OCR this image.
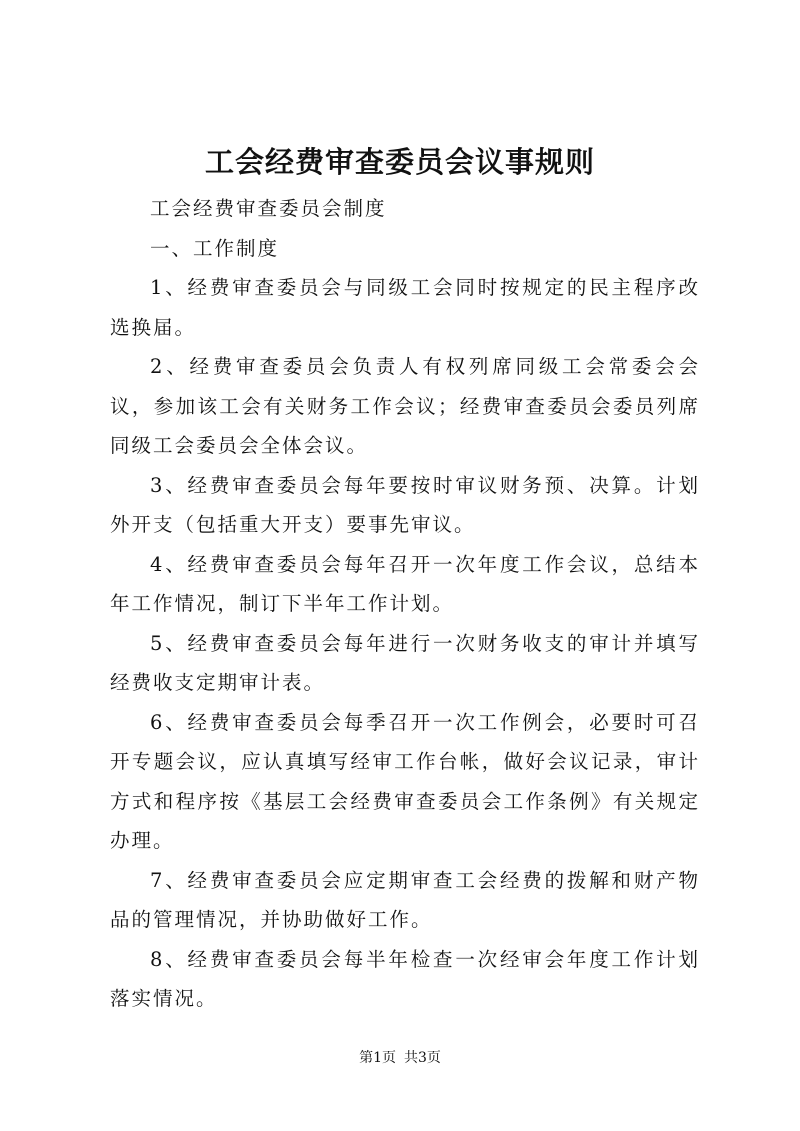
工会经费审查委员会议事规则

工会经费审查委员会制度

一、工作制度

1、经费审查委员会与同级工会同时按规定的民主程序改选换届。

2、经费审查委员会负责人有权列席同级工会常委会会议，参加该工会有关财务工作会议；经费审查委员会委员列席同级工会委员会全体会议。

3、经费审查委员会每年要按时审议财务预、决算。计划外开支（包括重大开支）要事先审议。

4、经费审查委员会每年召开一次年度工作会议，总结本年工作情况，制订下半年工作计划。

5、经费审查委员会每年进行一次财务收支的审计并填写经费收支定期审计表。

6、经费审查委员会每季召开一次工作例会，必要时可召开专题会议，应认真填写经审工作台帐，做好会议记录，审计方式和程序按《基层工会经费审查委员会工作条例》有关规定办理。

7、经费审查委员会应定期审查工会经费的拨解和财产物品的管理情况，并协助做好工作。

8、经费审查委员会每半年检查一次经审会年度工作计划落实情况。

第1页 共3页
